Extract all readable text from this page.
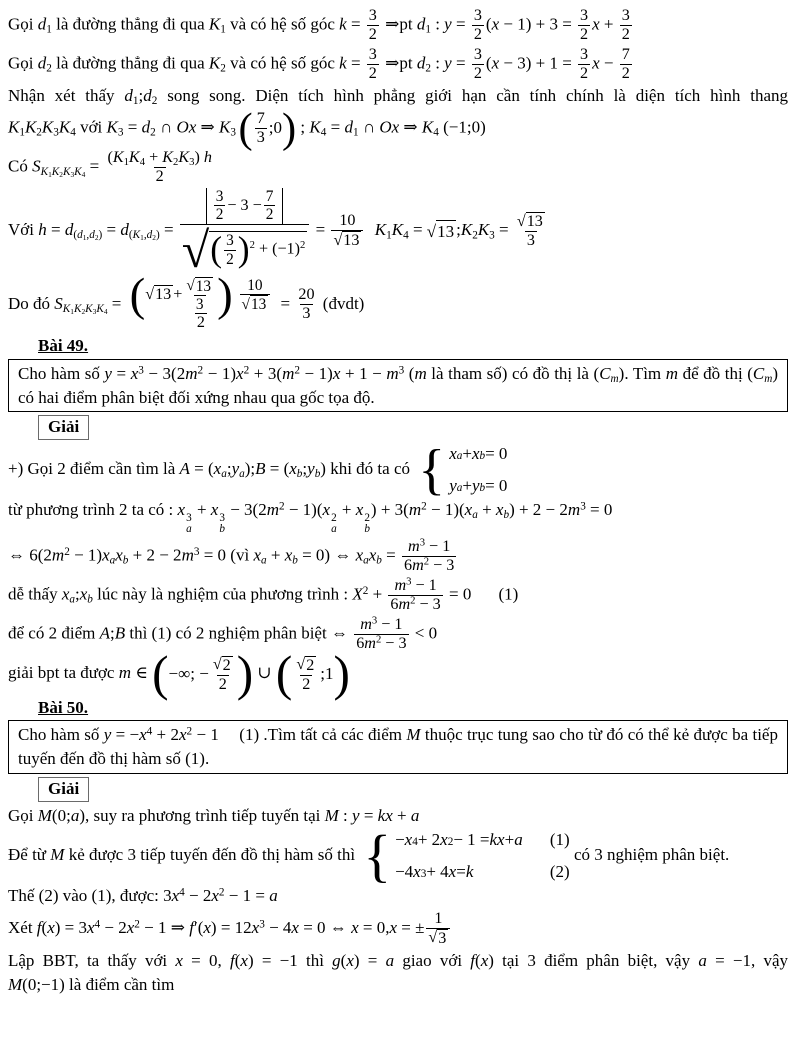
Gọi $d_1$ là đường thẳng đi qua $K_1$ và có hệ số góc $k = \frac{3}{2}$ ⇒pt $d_1$ : $y = \frac{3}{2} (x - 1) + 3 = \frac{3}{2}$ $x + \frac{3}{2}$
Gọi $d_2$ là đường thẳng đi qua $K_2$ và có hệ số góc $k = \frac{3}{2}$ ⇒pt $d_2$ : $y = \frac{3}{2} (x - 3) + 1 = \frac{3}{2}$ $x - \frac{7}{2}$
Nhận xét thấy $d_1;d_2$ song song. Diện tích hình phẳng giới hạn cần tính chính là diện tích hình thang
$K_1K_2K_3K_4$ với $K_3 = d_2$ ∩ Ox ⇒ $K_3$ ( $\frac{7}{3}$ ;0 ) ; $K_4 = d_1$ ∩ Ox ⇒ $K_4$ (−1;0)
Có $S_{K_1K_2K_3K_4} = \frac{(K_1K_4 + K_2K_3) h}{2}$
Với $h = d_{(d_1,d_2)} = d_{(K_1,d_2)} = \frac{\frac{3}{2} - 3 - \frac{7}{2}}{√ ( \frac{3}{2} ) ^2 + (-1)^2} = \frac{10}{√ 13} K_1K_4$ = √ 13 $;K_2K_3 = \frac{√ 13}{3}$
Do đó $S_{K_1K_2K_3K_4} = \frac{( √ 13 + \frac{√ 13}{3} ) \frac{10}{√ 13}}{2} = \frac{20}{3}$ (đvdt)
Bài 49.
Cho hàm số $y = x^3 - 3(2m^2 - 1)x^2 + 3(m^2 - 1)x + 1 - m^3$ (m là tham số) có đồ thị là $(C_m)$. Tìm m để đồ thị $(C_m)$ có hai điểm phân biệt đối xứng nhau qua gốc tọa độ.
Giải
+) Gọi 2 điểm cần tìm là $A = (x_a;y_a);B$ = $(x_b;y_b)$ khi đó ta có { x a + x b = 0
y a + y b = 0
từ phương trình 2 ta có : x 3
a
+ x 3
b
− $3(2m^2 - 1)(x$ 2
a
+ x 2
b
) + $3(m^2 - 1)(x_a + x_b) + 2 - 2m^3 = 0$
⇔ $6(2m^2 - 1)x_ax_b + 2 - 2m^3 = 0$ (vì $x_a + x_b = 0$) ⇔ $x_ax_b = \frac{m^3 - 1}{6m^2 - 3}$
dễ thấy $x_a;x_b$ lúc này là nghiệm của phương trình : $X^2 + \frac{m^3 - 1}{6m^2 - 3} = 0$ (1)
để có 2 điểm A;B thì (1) có 2 nghiệm phân biệt ⇔ $\frac{m^3 - 1}{6m^2 - 3} < 0$
giải bpt ta được m ∈ ( −∞; − $\frac{√ 2}{2}$ ) ∪ ( $\frac{√ 2}{2}$ ;1 )
Bài 50.
Cho hàm số $y = -x^4 + 2x^2 - 1$ (1) .Tìm tất cả các điểm M thuộc trục tung sao cho từ đó có thể kẻ được ba tiếp tuyến đến đồ thị hàm số (1).
Giải
Gọi M(0;a), suy ra phương trình tiếp tuyến tại M : y = kx + a
Để từ M kẻ được 3 tiếp tuyến đến đồ thị hàm số thì { − x 4 + 2 x 2 − 1 = kx + a (1)
−4 x 3 + 4 x = k	(2)
có 3 nghiệm phân biệt.
Thế (2) vào (1), được: $3x^4 - 2x^2 - 1 = a$
Xét $f(x) = 3x^4 - 2x^2 - 1$ ⇒ $f'(x) = 12x^3 - 4x = 0$ ⇔ x = 0,x = ± $\frac{1}{√ 3}$
Lập BBT, ta thấy với x = 0, f(x) = −1 thì g(x) = a giao với f(x) tại 3 điểm phân biệt, vậy a = −1, vậy
M(0;−1) là điểm cần tìm
